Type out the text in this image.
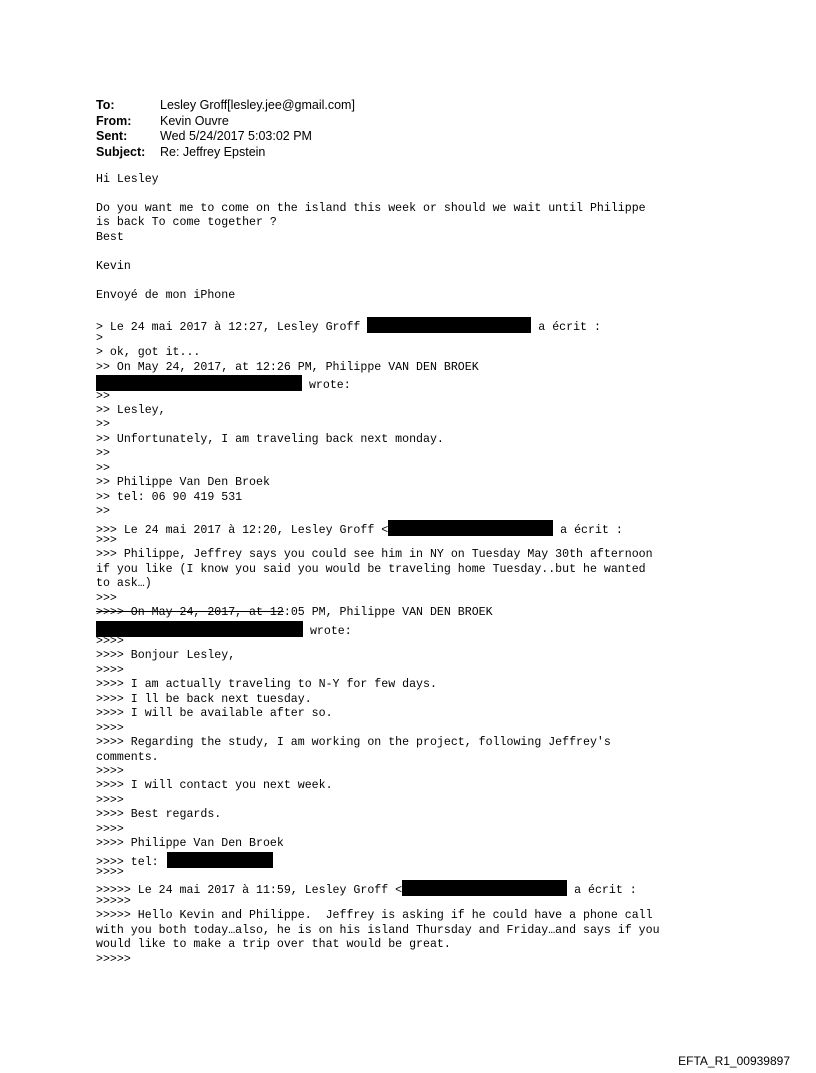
To:	Lesley Groff[lesley.jee@gmail.com]
From:	Kevin Ouvre
Sent:	Wed 5/24/2017 5:03:02 PM
Subject:	Re: Jeffrey Epstein
Hi Lesley
Do you want me to come on the island this week or should we wait until Philippe
is back To come together ?
Best
Kevin
Envoyé de mon iPhone
> Le 24 mai 2017 à 12:27, Lesley Groff	a écrit :
>
> ok, got it...
>> On May 24, 2017, at 12:26 PM, Philippe VAN DEN BROEK
wrote:
>>
>> Lesley,
>>
>> Unfortunately, I am traveling back next monday.
>>
>>
>> Philippe Van Den Broek
>> tel: 06 90 419 531
>>
>>> Le 24 mai 2017 à 12:20, Lesley Groff <	a écrit :
>>>
>>> Philippe, Jeffrey says you could see him in NY on Tuesday May 30th afternoon
if you like (I know you said you would be traveling home Tuesday..but he wanted
to ask…)
>>>
>>>> On May 24, 2017, at 12:05 PM, Philippe VAN DEN BROEK
wrote:
>>>>
>>>> Bonjour Lesley,
>>>>
>>>> I am actually traveling to N-Y for few days.
>>>> I ll be back next tuesday.
>>>> I will be available after so.
>>>>
>>>> Regarding the study, I am working on the project, following Jeffrey's
comments.
>>>>
>>>> I will contact you next week.
>>>>
>>>> Best regards.
>>>>
>>>> Philippe Van Den Broek
>>>> tel:
>>>>
>>>>> Le 24 mai 2017 à 11:59, Lesley Groff <	a écrit :
>>>>>
>>>>> Hello Kevin and Philippe.  Jeffrey is asking if he could have a phone call
with you both today…also, he is on his island Thursday and Friday…and says if you
would like to make a trip over that would be great.
>>>>>
EFTA_R1_00939897
